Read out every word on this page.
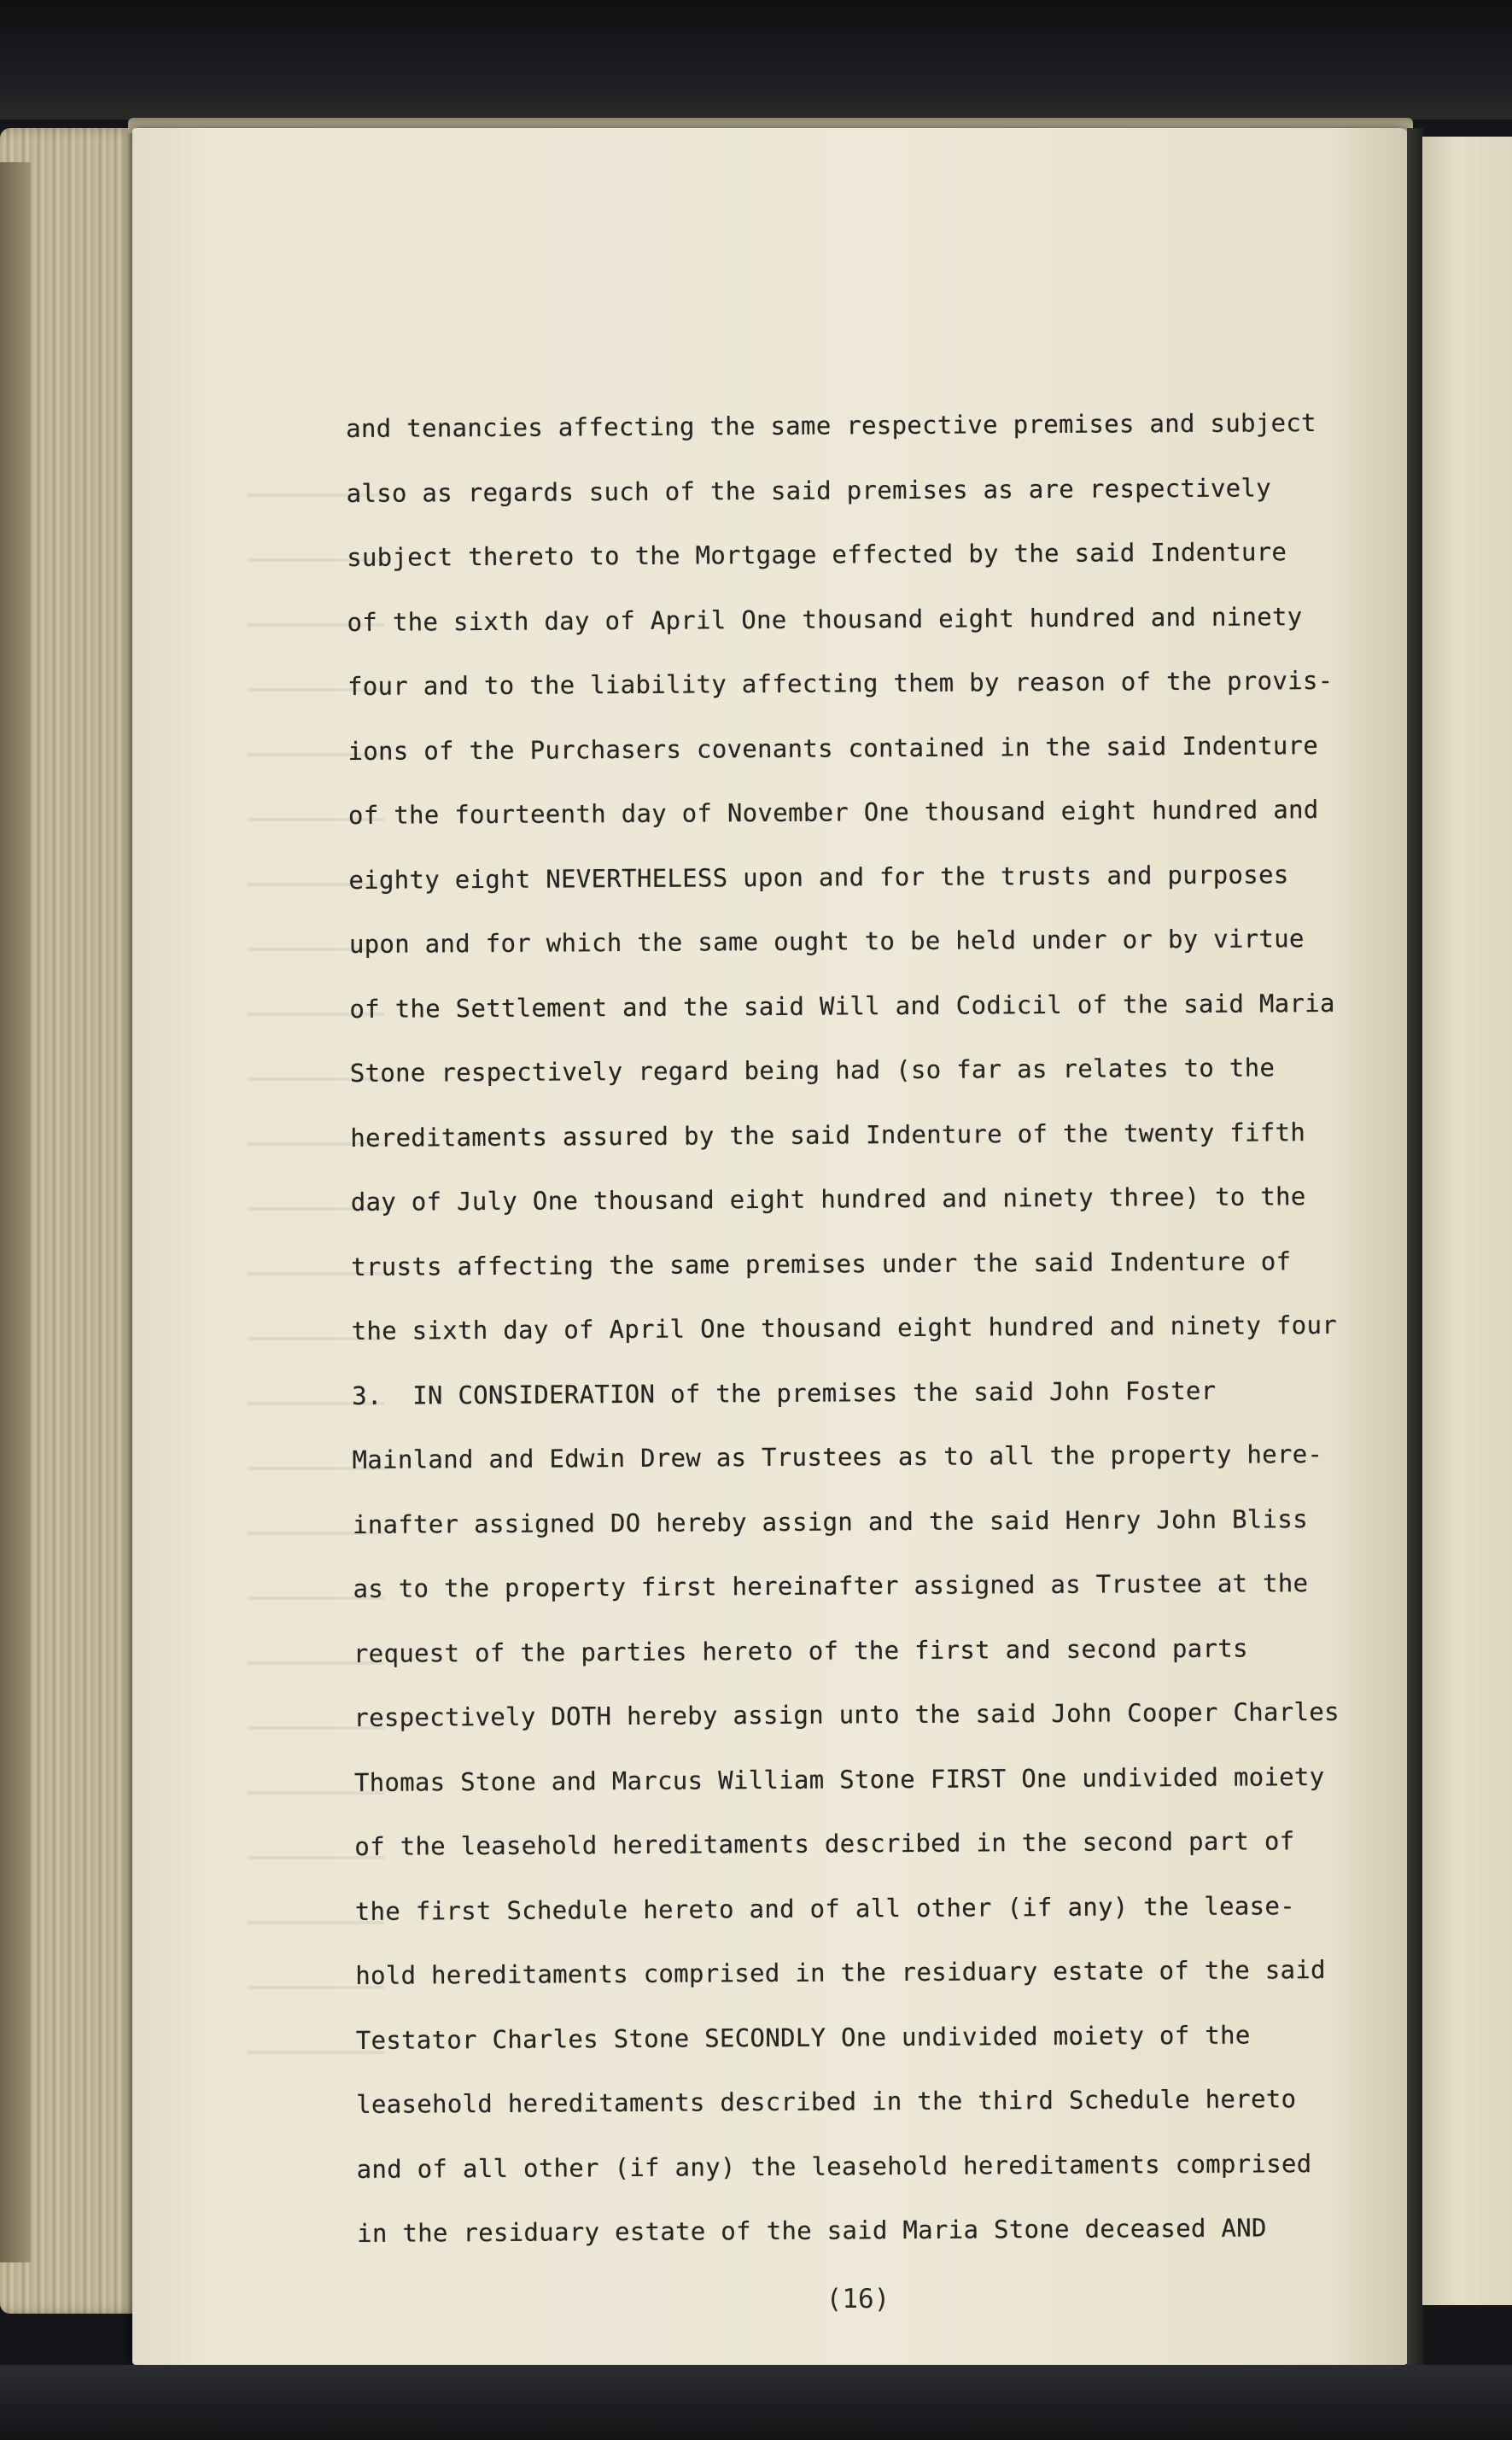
and tenancies affecting the same respective premises and subject
also as regards such of the said premises as are respectively
subject thereto to the Mortgage effected by the said Indenture
of the sixth day of April One thousand eight hundred and ninety
four and to the liability affecting them by reason of the provis-
ions of the Purchasers covenants contained in the said Indenture
of the fourteenth day of November One thousand eight hundred and
eighty eight NEVERTHELESS upon and for the trusts and purposes
upon and for which the same ought to be held under or by virtue
of the Settlement and the said Will and Codicil of the said Maria
Stone respectively regard being had (so far as relates to the
hereditaments assured by the said Indenture of the twenty fifth
day of July One thousand eight hundred and ninety three) to the
trusts affecting the same premises under the said Indenture of
the sixth day of April One thousand eight hundred and ninety four
3.  IN CONSIDERATION of the premises the said John Foster
Mainland and Edwin Drew as Trustees as to all the property here-
inafter assigned DO hereby assign and the said Henry John Bliss
as to the property first hereinafter assigned as Trustee at the
request of the parties hereto of the first and second parts
respectively DOTH hereby assign unto the said John Cooper Charles
Thomas Stone and Marcus William Stone FIRST One undivided moiety
of the leasehold hereditaments described in the second part of
the first Schedule hereto and of all other (if any) the lease-
hold hereditaments comprised in the residuary estate of the said
Testator Charles Stone SECONDLY One undivided moiety of the
leasehold hereditaments described in the third Schedule hereto
and of all other (if any) the leasehold hereditaments comprised
in the residuary estate of the said Maria Stone deceased AND
(16)
